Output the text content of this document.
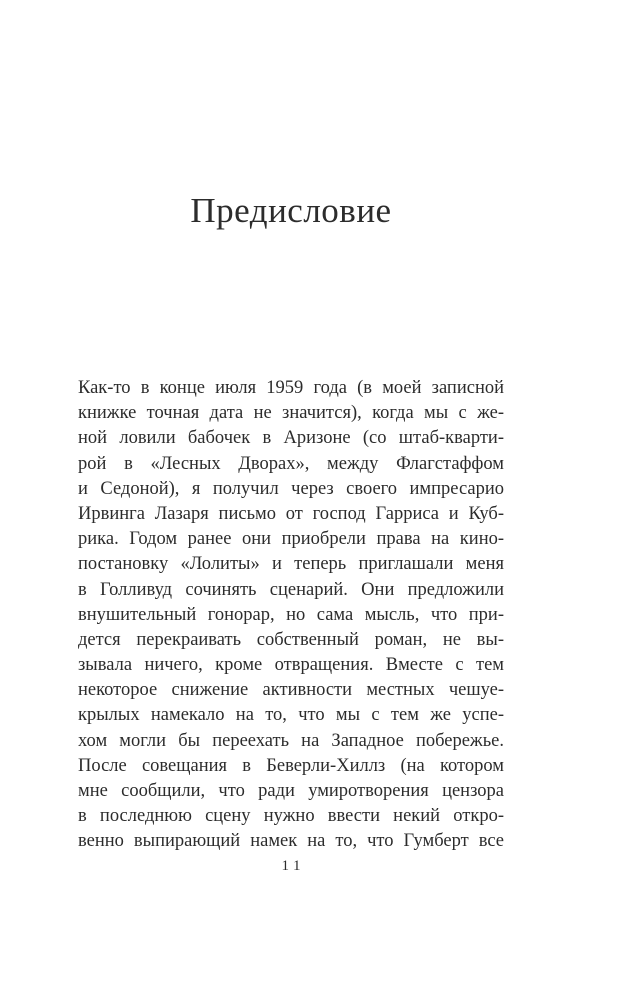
Предисловие
Как-то в конце июля 1959 года (в моей записной
книжке точная дата не значится), когда мы с же-
ной ловили бабочек в Аризоне (со штаб-кварти-
рой в «Лесных Дворах», между Флагстаффом
и Седоной), я получил через своего импресарио
Ирвинга Лазаря письмо от господ Гарриса и Куб-
рика. Годом ранее они приобрели права на кино-
постановку «Лолиты» и теперь приглашали меня
в Голливуд сочинять сценарий. Они предложили
внушительный гонорар, но сама мысль, что при-
дется перекраивать собственный роман, не вы-
зывала ничего, кроме отвращения. Вместе с тем
некоторое снижение активности местных чешуе-
крылых намекало на то, что мы с тем же успе-
хом могли бы переехать на Западное побережье.
После совещания в Беверли-Хиллз (на котором
мне сообщили, что ради умиротворения цензора
в последнюю сцену нужно ввести некий откро-
венно выпирающий намек на то, что Гумберт все
11
